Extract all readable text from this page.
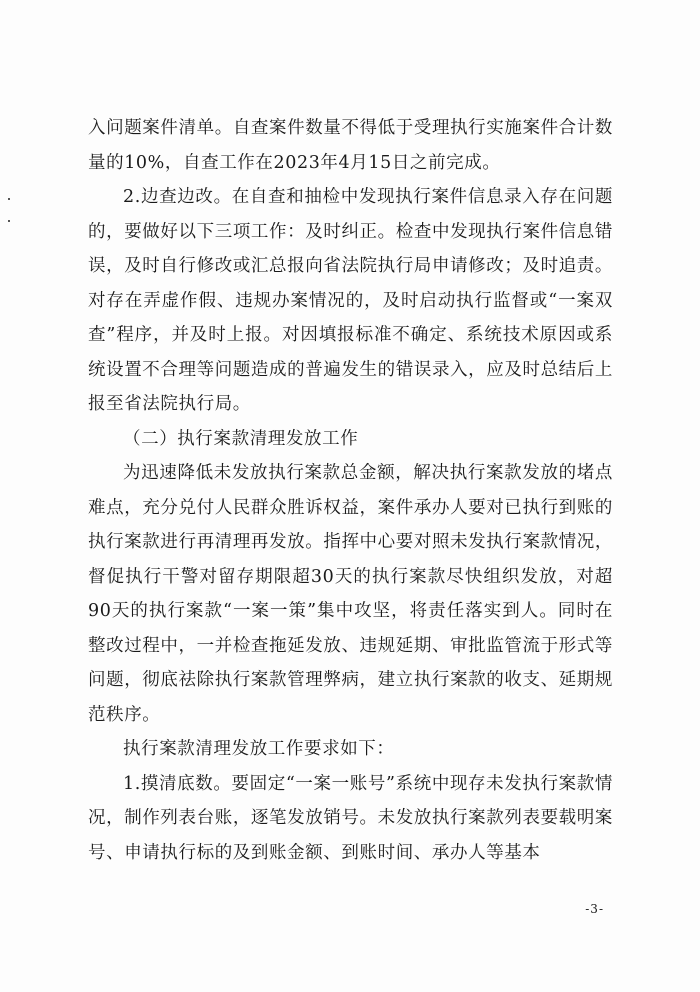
入问题案件清单。自查案件数量不得低于受理执行实施案件合计数量的10%，自查工作在2023年4月15日之前完成。

2.边查边改。在自查和抽检中发现执行案件信息录入存在问题的，要做好以下三项工作：及时纠正。检查中发现执行案件信息错误，及时自行修改或汇总报向省法院执行局申请修改；及时追责。对存在弄虚作假、违规办案情况的，及时启动执行监督或“一案双查”程序，并及时上报。对因填报标准不确定、系统技术原因或系统设置不合理等问题造成的普遍发生的错误录入，应及时总结后上报至省法院执行局。

（二）执行案款清理发放工作

为迅速降低未发放执行案款总金额，解决执行案款发放的堵点难点，充分兑付人民群众胜诉权益，案件承办人要对已执行到账的执行案款进行再清理再发放。指挥中心要对照未发执行案款情况，督促执行干警对留存期限超30天的执行案款尽快组织发放，对超90天的执行案款“一案一策”集中攻坚，将责任落实到人。同时在整改过程中，一并检查拖延发放、违规延期、审批监管流于形式等问题，彻底祛除执行案款管理弊病，建立执行案款的收支、延期规范秩序。

执行案款清理发放工作要求如下：

1.摸清底数。要固定“一案一账号”系统中现存未发执行案款情况，制作列表台账，逐笔发放销号。未发放执行案款列表要载明案号、申请执行标的及到账金额、到账时间、承办人等基本

-3-
